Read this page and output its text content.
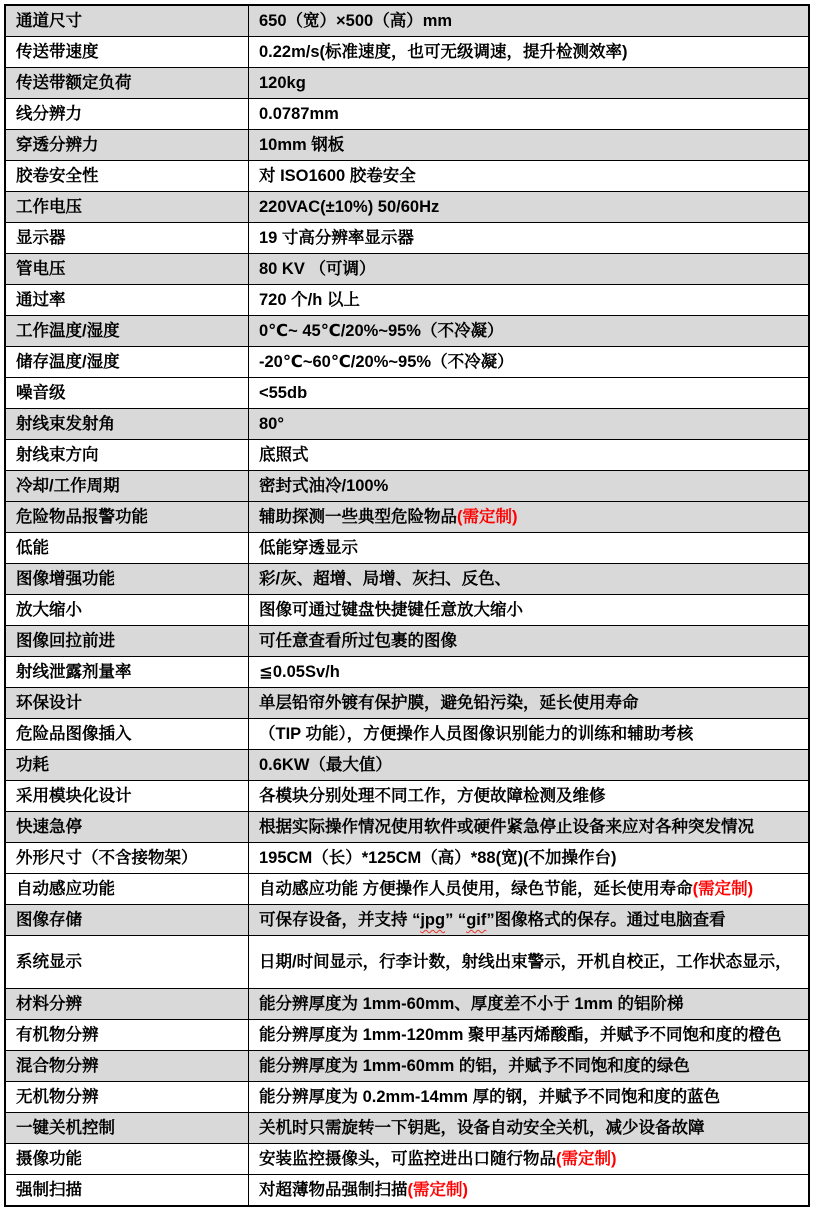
通道尺寸	650（宽）×500（高）mm
传送带速度	0.22m/s(标准速度，也可无级调速，提升检测效率)
传送带额定负荷	120kg
线分辨力	0.0787mm
穿透分辨力	10mm 钢板
胶卷安全性	对 ISO1600 胶卷安全
工作电压	220VAC(±10%) 50/60Hz
显示器	19 寸高分辨率显示器
管电压	80 KV （可调）
通过率	720 个/h 以上
工作温度/湿度	0℃~ 45℃/20%~95%（不冷凝）
储存温度/湿度	-20℃~60℃/20%~95%（不冷凝）
噪音级	<55db
射线束发射角	80°
射线束方向	底照式
冷却/工作周期	密封式油冷/100%
危险物品报警功能	辅助探测一些典型危险物品(需定制)
低能	低能穿透显示
图像增强功能	彩/灰、超增、局增、灰扫、反色、
放大缩小	图像可通过键盘快捷键任意放大缩小
图像回拉前进	可任意查看所过包裹的图像
射线泄露剂量率	≦0.05Sv/h
环保设计	单层铅帘外镀有保护膜，避免铅污染，延长使用寿命
危险品图像插入	（TIP 功能），方便操作人员图像识别能力的训练和辅助考核
功耗	0.6KW（最大值）
采用模块化设计	各模块分别处理不同工作，方便故障检测及维修
快速急停	根据实际操作情况使用软件或硬件紧急停止设备来应对各种突发情况
外形尺寸（不含接物架）	195CM（长）*125CM（高）*88(宽)(不加操作台)
自动感应功能	自动感应功能 方便操作人员使用，绿色节能，延长使用寿命(需定制)
图像存储	可保存设备，并支持 “jpg” “gif”图像格式的保存。通过电脑查看
系统显示	日期/时间显示，行李计数，射线出束警示，开机自校正，工作状态显示，
材料分辨	能分辨厚度为 1mm-60mm、厚度差不小于 1mm 的铝阶梯
有机物分辨	能分辨厚度为 1mm-120mm 聚甲基丙烯酸酯，并赋予不同饱和度的橙色
混合物分辨	能分辨厚度为 1mm-60mm 的铝，并赋予不同饱和度的绿色
无机物分辨	能分辨厚度为 0.2mm-14mm 厚的钢，并赋予不同饱和度的蓝色
一键关机控制	关机时只需旋转一下钥匙，设备自动安全关机，减少设备故障
摄像功能	安装监控摄像头，可监控进出口随行物品(需定制)
强制扫描	对超薄物品强制扫描(需定制)
